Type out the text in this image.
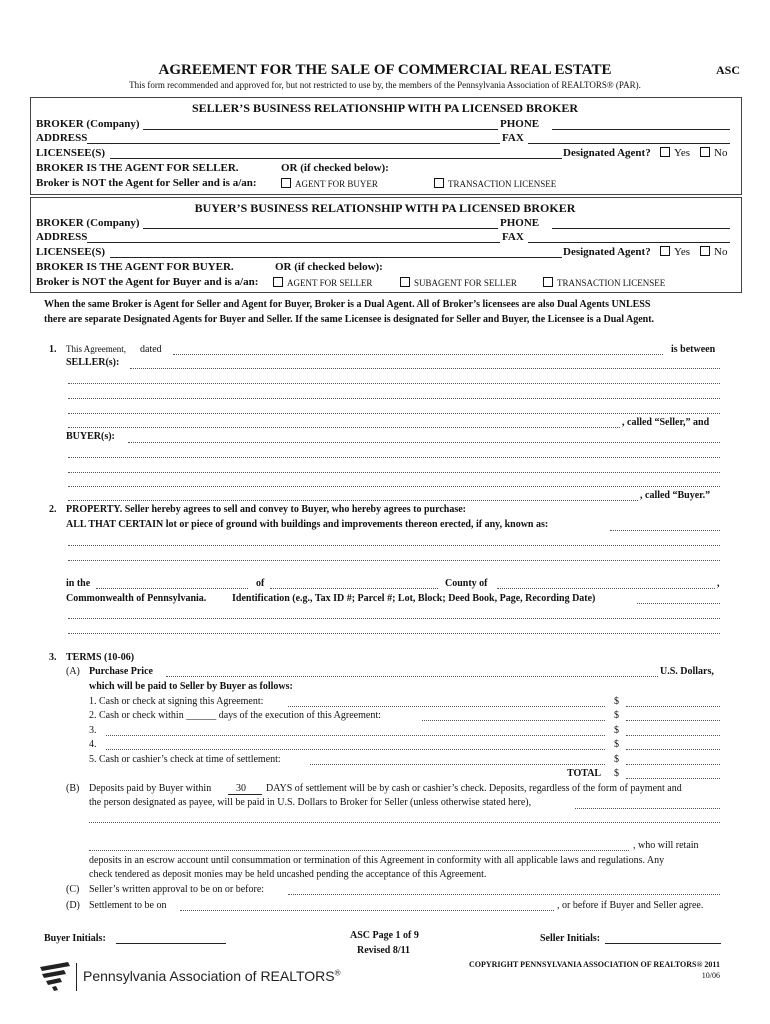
AGREEMENT FOR THE SALE OF COMMERCIAL REAL ESTATE	ASC
This form recommended and approved for, but not restricted to use by, the members of the Pennsylvania Association of REALTORS® (PAR).
SELLER’S BUSINESS RELATIONSHIP WITH PA LICENSED BROKER
BROKER (Company)	PHONE
ADDRESS	FAX
LICENSEE(S)	Designated Agent?	Yes	No
BROKER IS THE AGENT FOR SELLER.	OR (if checked below):
Broker is NOT the Agent for Seller and is a/an:	AGENT FOR BUYER	TRANSACTION LICENSEE
BUYER’S BUSINESS RELATIONSHIP WITH PA LICENSED BROKER
BROKER (Company)	PHONE
ADDRESS	FAX
LICENSEE(S)	Designated Agent?	Yes	No
BROKER IS THE AGENT FOR BUYER.	OR (if checked below):
Broker is NOT the Agent for Buyer and is a/an:	AGENT FOR SELLER	SUBAGENT FOR SELLER	TRANSACTION LICENSEE
When the same Broker is Agent for Seller and Agent for Buyer, Broker is a Dual Agent. All of Broker’s licensees are also Dual Agents UNLESS
there are separate Designated Agents for Buyer and Seller. If the same Licensee is designated for Seller and Buyer, the Licensee is a Dual Agent.
1. This Agreement, dated	is between
SELLER(s):
, called “Seller,” and
BUYER(s):
, called “Buyer.”
2. PROPERTY. Seller hereby agrees to sell and convey to Buyer, who hereby agrees to purchase:
ALL THAT CERTAIN lot or piece of ground with buildings and improvements thereon erected, if any, known as:
in the	of	County of	,
Commonwealth of Pennsylvania.	Identification (e.g., Tax ID #; Parcel #; Lot, Block; Deed Book, Page, Recording Date)
3. TERMS (10-06)
(A) Purchase Price	U.S. Dollars,
which will be paid to Seller by Buyer as follows:
1. Cash or check at signing this Agreement:	$
2. Cash or check within ______ days of the execution of this Agreement:	$
3.	$
4.	$
5. Cash or cashier’s check at time of settlement:	$
TOTAL $
(B) Deposits paid by Buyer within 30 DAYS of settlement will be by cash or cashier’s check. Deposits, regardless of the form of payment and
the person designated as payee, will be paid in U.S. Dollars to Broker for Seller (unless otherwise stated here),
, who will retain
deposits in an escrow account until consummation or termination of this Agreement in conformity with all applicable laws and regulations. Any
check tendered as deposit monies may be held uncashed pending the acceptance of this Agreement.
(C) Seller’s written approval to be on or before:
(D) Settlement to be on	, or before if Buyer and Seller agree.
Buyer Initials:	ASC Page 1 of 9
Revised 8/11
Seller Initials:
Pennsylvania Association of REALTORS®
COPYRIGHT PENNSYLVANIA ASSOCIATION OF REALTORS® 2011
10/06
